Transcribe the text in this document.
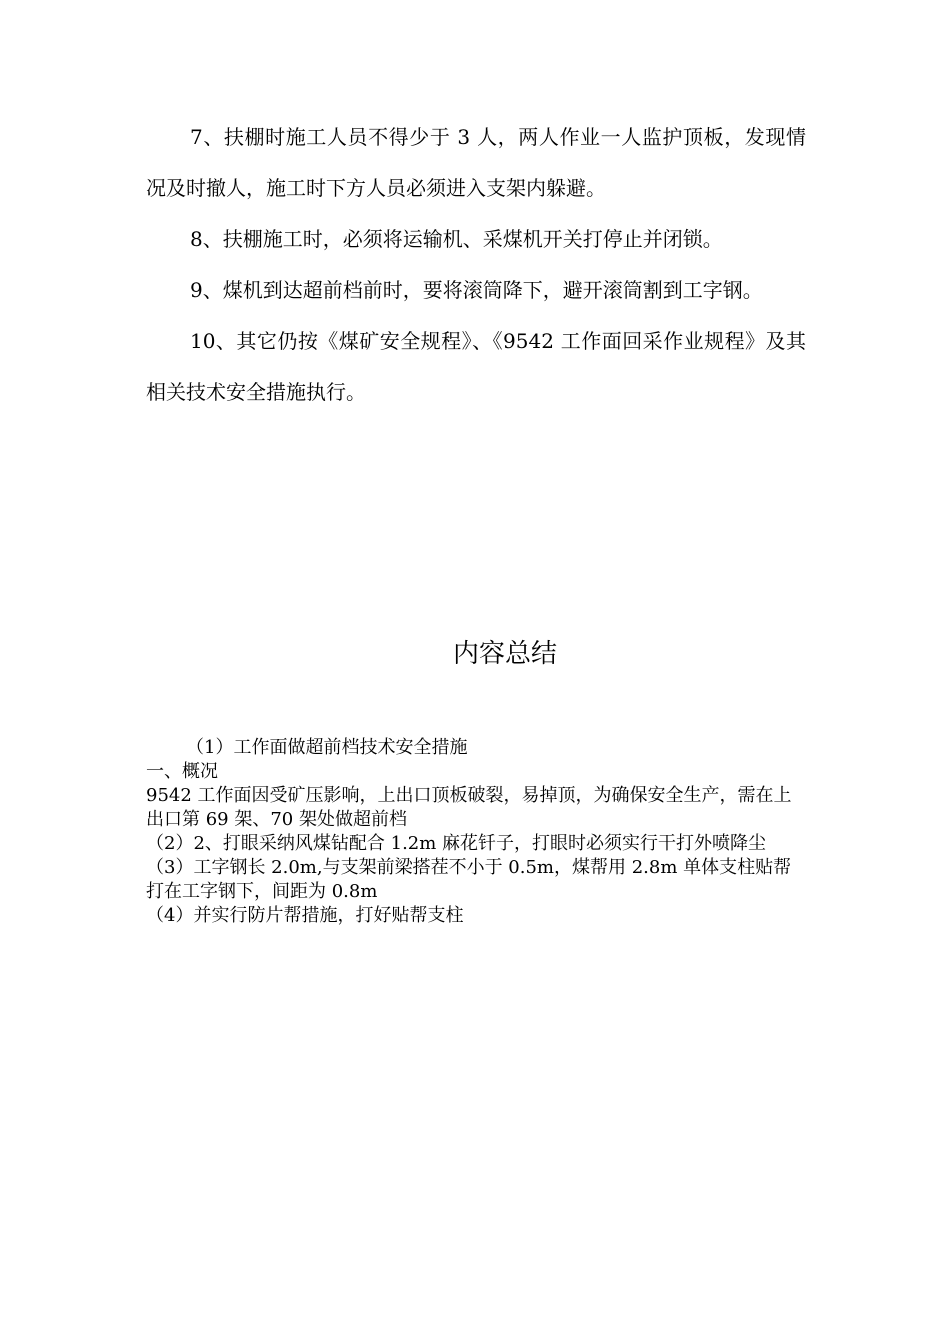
7、扶棚时施工人员不得少于 3 人，两人作业一人监护顶板，发现情况及时撤人，施工时下方人员必须进入支架内躲避。

8、扶棚施工时，必须将运输机、采煤机开关打停止并闭锁。

9、煤机到达超前档前时，要将滚筒降下，避开滚筒割到工字钢。

10、其它仍按《煤矿安全规程》、《9542 工作面回采作业规程》及其相关技术安全措施执行。

内容总结

（1）工作面做超前档技术安全措施

一、概况

9542 工作面因受矿压影响，上出口顶板破裂，易掉顶，为确保安全生产，需在上出口第 69 架、70 架处做超前档

（2）2、打眼采纳风煤钻配合 1.2m 麻花钎子，打眼时必须实行干打外喷降尘

（3）工字钢长 2.0m,与支架前梁搭茬不小于 0.5m，煤帮用 2.8m 单体支柱贴帮打在工字钢下，间距为 0.8m

（4）并实行防片帮措施，打好贴帮支柱
